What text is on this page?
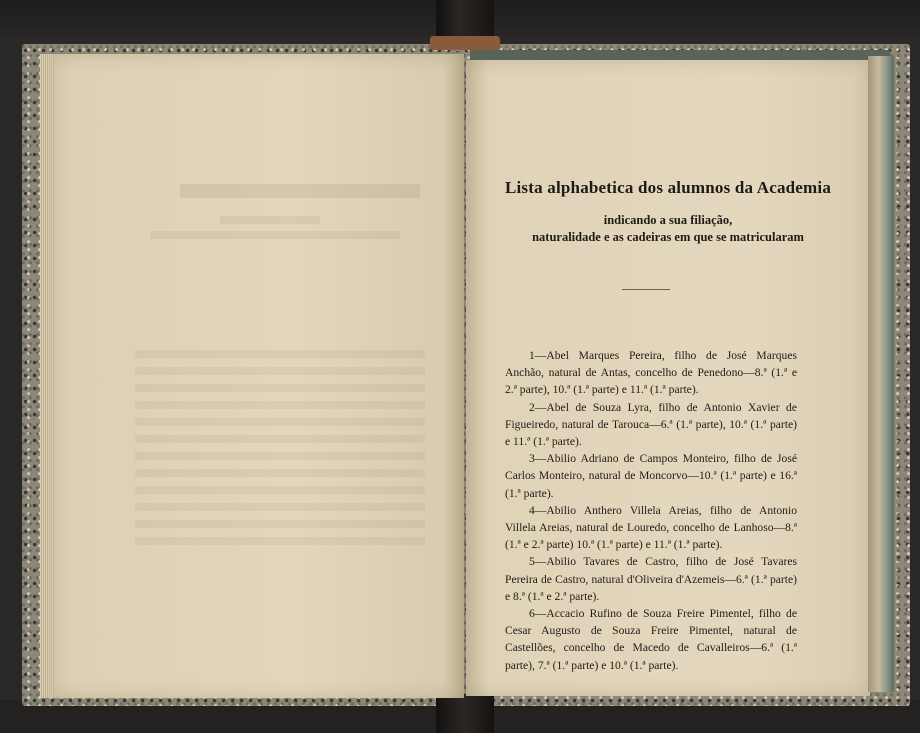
Lista alphabetica dos alumnos da Academia

indicando a sua filiação,

naturalidade e as cadeiras em que se matricularam

1—Abel Marques Pereira, filho de José Marques Anchão, natural de Antas, concelho de Penedono—8.ª (1.ª e 2.ª parte), 10.ª (1.ª parte) e 11.ª (1.ª parte).

2—Abel de Souza Lyra, filho de Antonio Xavier de Figueiredo, natural de Tarouca—6.ª (1.ª parte), 10.ª (1.ª parte) e 11.ª (1.ª parte).

3—Abilio Adriano de Campos Monteiro, filho de José Carlos Monteiro, natural de Moncorvo—10.ª (1.ª parte) e 16.ª (1.ª parte).

4—Abilio Anthero Villela Areias, filho de Antonio Villela Areias, natural de Louredo, concelho de Lanhoso—8.ª (1.ª e 2.ª parte) 10.ª (1.ª parte) e 11.ª (1.ª parte).

5—Abilio Tavares de Castro, filho de José Tavares Pereira de Castro, natural d'Oliveira d'Azemeis—6.ª (1.ª parte) e 8.ª (1.ª e 2.ª parte).

6—Accacio Rufino de Souza Freire Pimentel, filho de Cesar Augusto de Souza Freire Pimentel, natural de Castellões, concelho de Macedo de Cavalleiros—6.ª (1.ª parte), 7.ª (1.ª parte) e 10.ª (1.ª parte).
